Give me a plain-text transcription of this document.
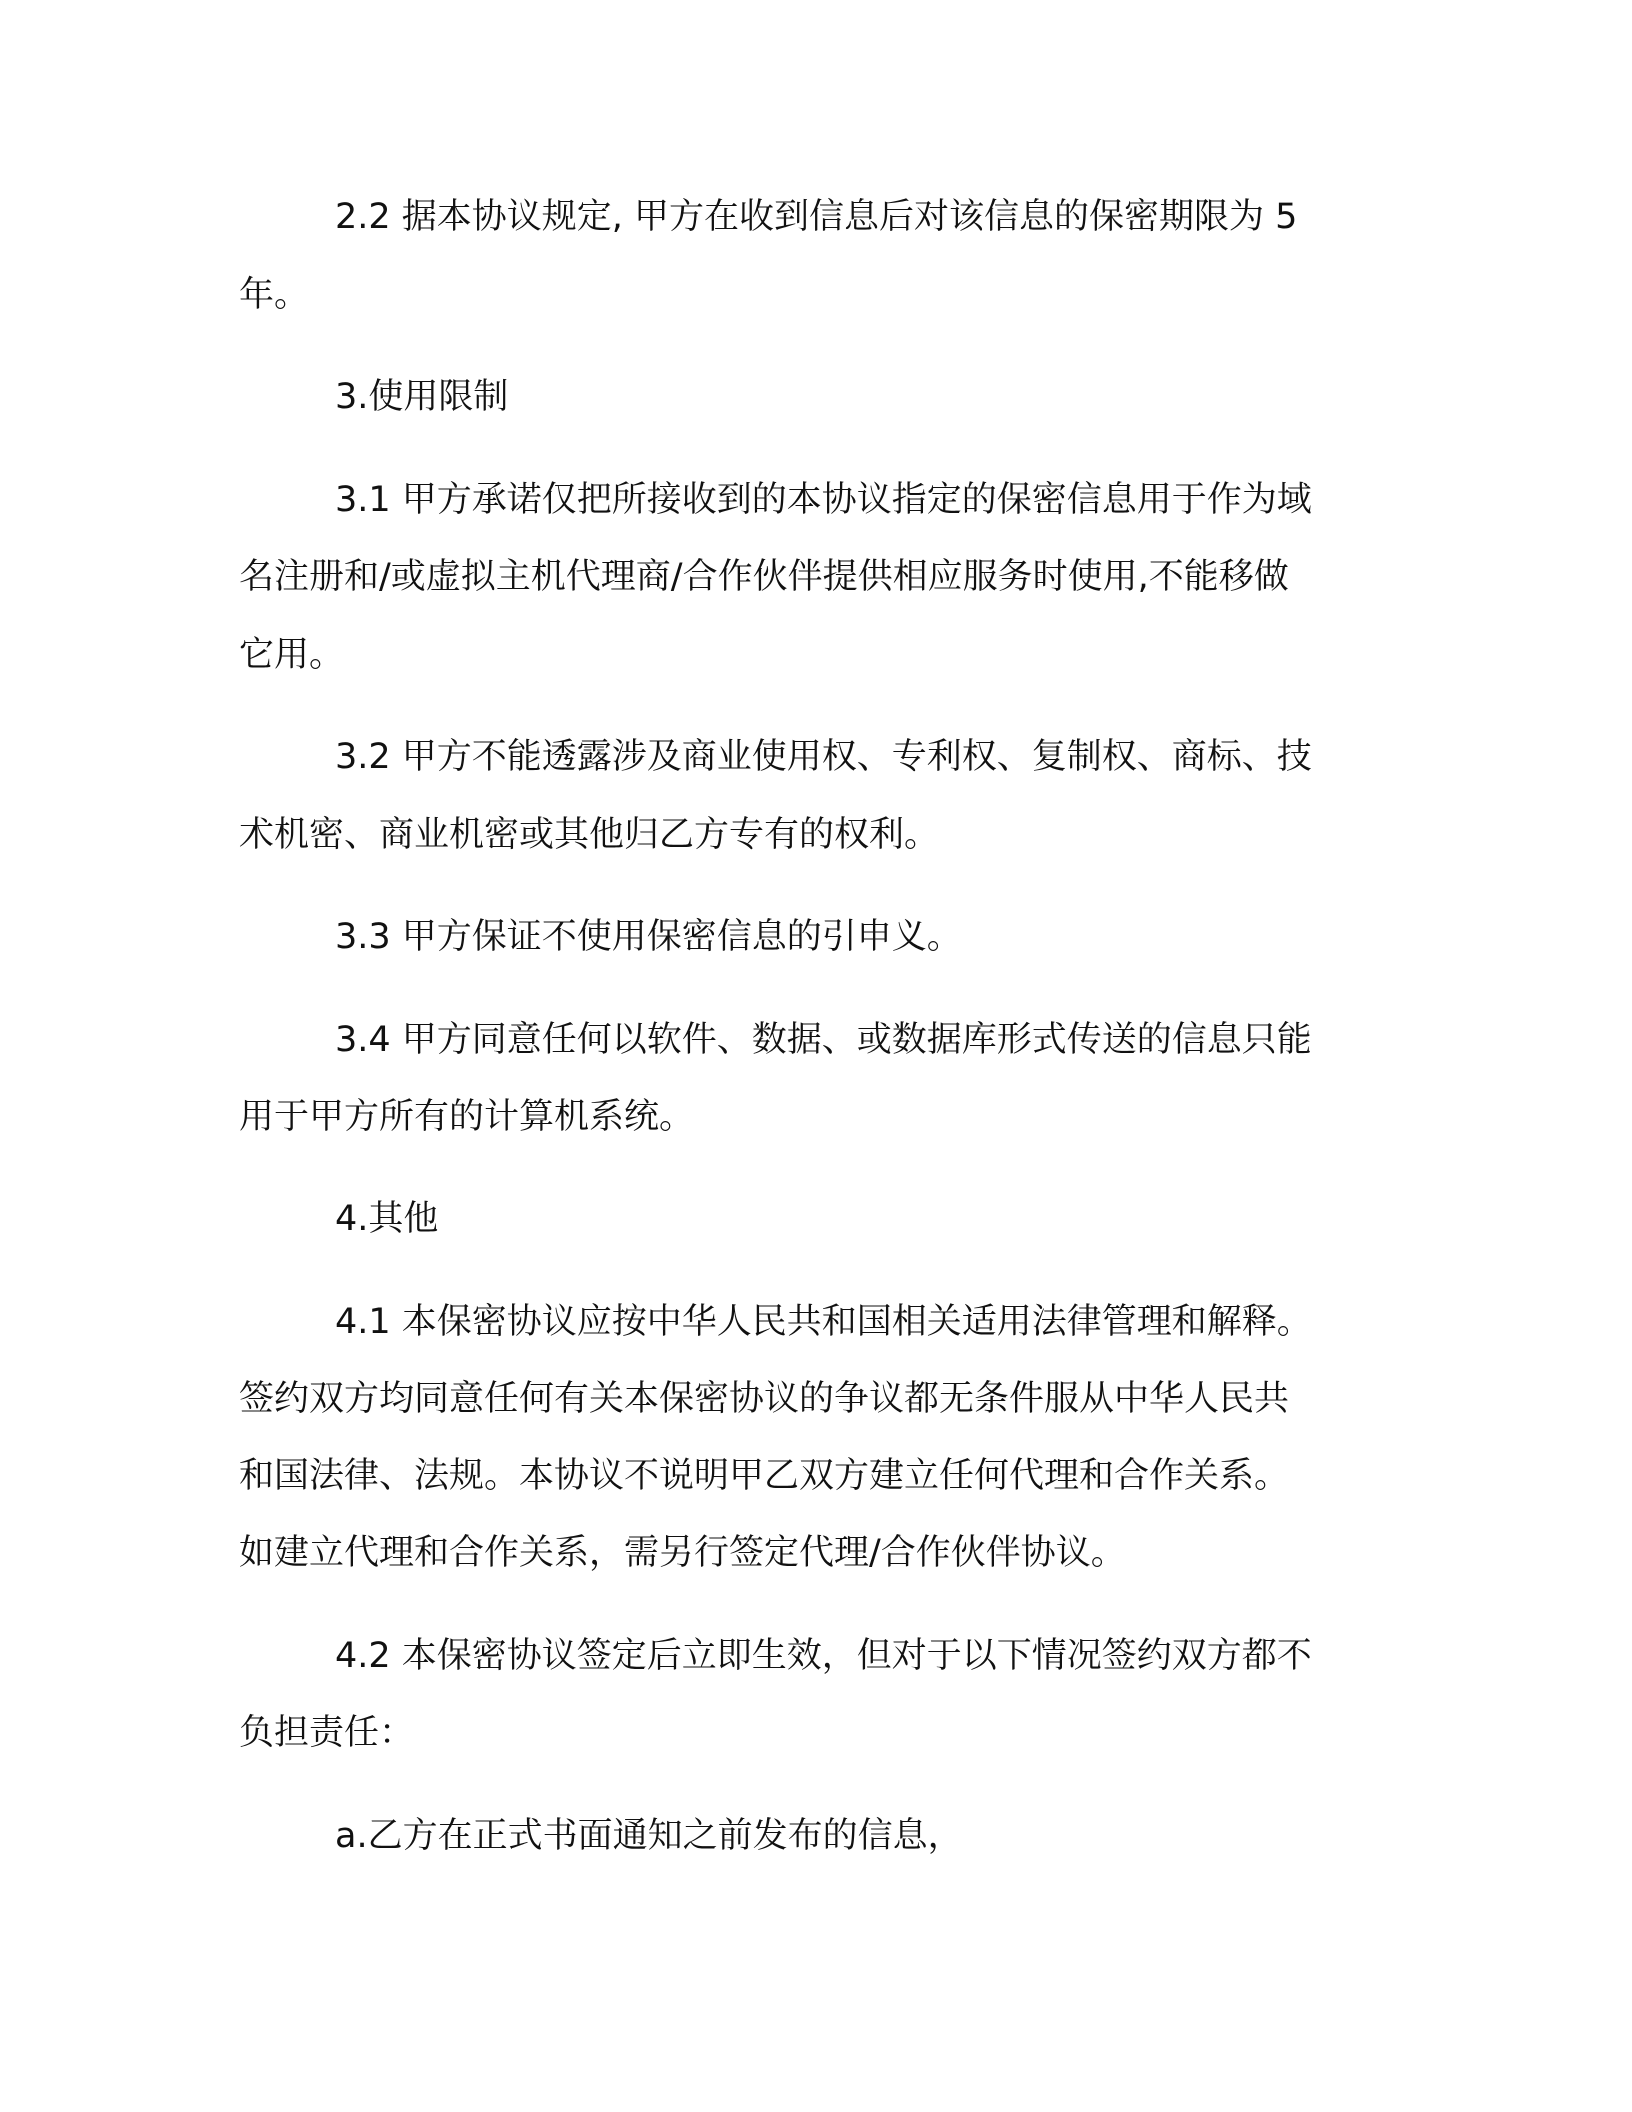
2.2 据本协议规定, 甲方在收到信息后对该信息的保密期限为 5
年。
3.使用限制
3.1 甲方承诺仅把所接收到的本协议指定的保密信息用于作为域
名注册和/或虚拟主机代理商/合作伙伴提供相应服务时使用,不能移做
它用。
3.2 甲方不能透露涉及商业使用权、专利权、复制权、商标、技
术机密、商业机密或其他归乙方专有的权利。
3.3 甲方保证不使用保密信息的引申义。
3.4 甲方同意任何以软件、数据、或数据库形式传送的信息只能
用于甲方所有的计算机系统。
4.其他
4.1 本保密协议应按中华人民共和国相关适用法律管理和解释。
签约双方均同意任何有关本保密协议的争议都无条件服从中华人民共
和国法律、法规。本协议不说明甲乙双方建立任何代理和合作关系。
如建立代理和合作关系，需另行签定代理/合作伙伴协议。
4.2 本保密协议签定后立即生效，但对于以下情况签约双方都不
负担责任：
a.乙方在正式书面通知之前发布的信息，
